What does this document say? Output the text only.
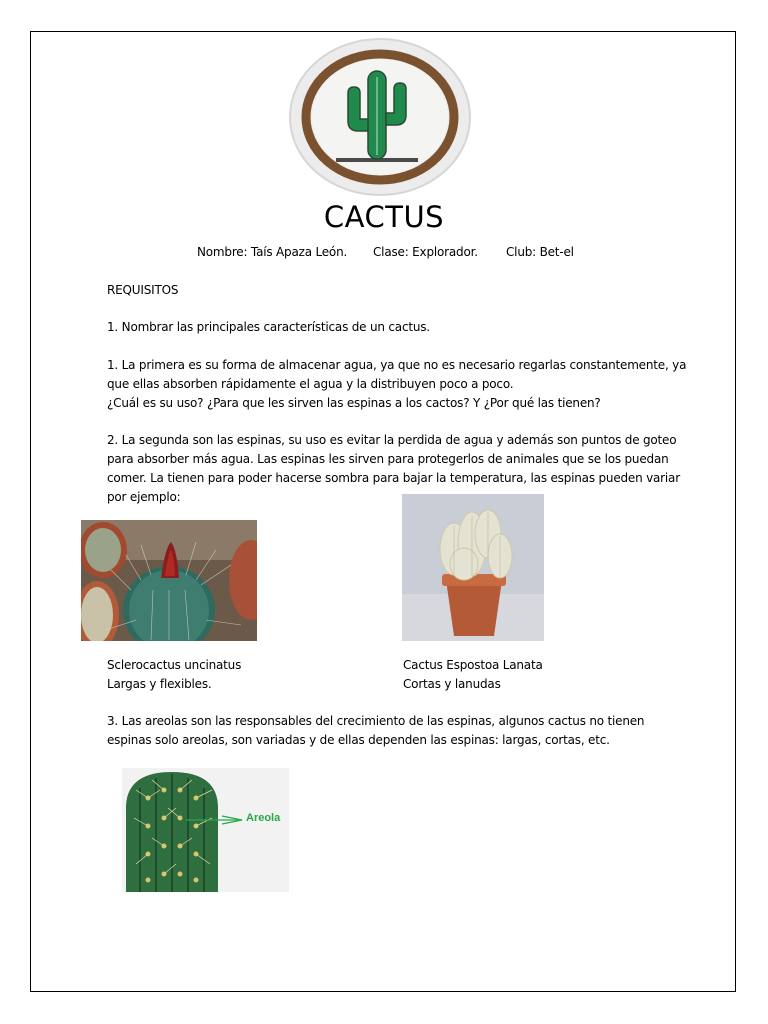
CACTUS
Nombre: Taís Apaza León. Clase: Explorador. Club: Bet-el
REQUISITOS
1. Nombrar las principales características de un cactus.
1. La primera es su forma de almacenar agua, ya que no es necesario regarlas constantemente, ya
que ellas absorben rápidamente el agua y la distribuyen poco a poco.
¿Cuál es su uso? ¿Para que les sirven las espinas a los cactos? Y ¿Por qué las tienen?
2. La segunda son las espinas, su uso es evitar la perdida de agua y además son puntos de goteo
para absorber más agua. Las espinas les sirven para protegerlos de animales que se los puedan
comer. La tienen para poder hacerse sombra para bajar la temperatura, las espinas pueden variar
por ejemplo:
Sclerocactus uncinatus
Largas y flexibles.
Cactus Espostoa Lanata
Cortas y lanudas
3. Las areolas son las responsables del crecimiento de las espinas, algunos cactus no tienen
espinas solo areolas, son variadas y de ellas dependen las espinas: largas, cortas, etc.
Areola
